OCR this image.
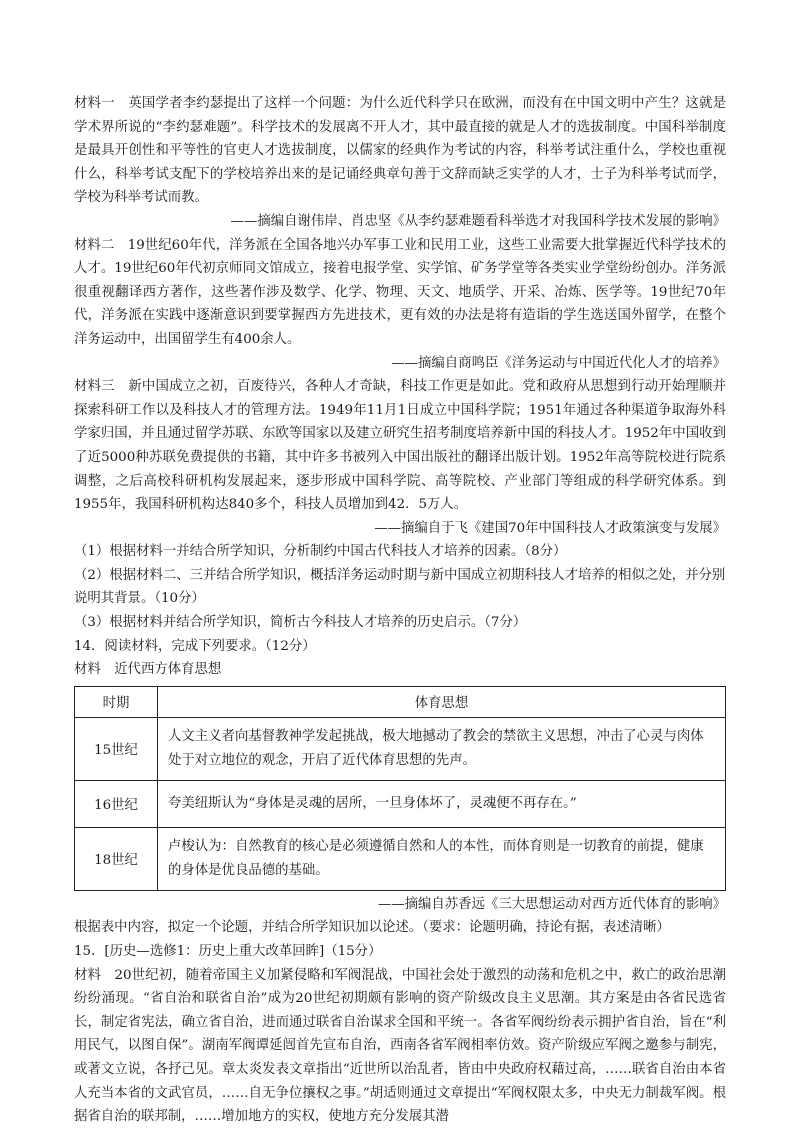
材料一　英国学者李约瑟提出了这样一个问题：为什么近代科学只在欧洲，而没有在中国文明中产生？这就是学术界所说的“李约瑟难题”。科学技术的发展离不开人才，其中最直接的就是人才的选拔制度。中国科举制度是最具开创性和平等性的官吏人才选拔制度，以儒家的经典作为考试的内容，科举考试注重什么，学校也重视什么，科举考试支配下的学校培养出来的是记诵经典章句善于文辞而缺乏实学的人才，士子为科举考试而学，学校为科举考试而教。

——摘编自谢伟岸、肖忠坚《从李约瑟难题看科举选才对我国科学技术发展的影响》

材料二　19世纪60年代，洋务派在全国各地兴办军事工业和民用工业，这些工业需要大批掌握近代科学技术的人才。19世纪60年代初京师同文馆成立，接着电报学堂、实学馆、矿务学堂等各类实业学堂纷纷创办。洋务派很重视翻译西方著作，这些著作涉及数学、化学、物理、天文、地质学、开采、冶炼、医学等。19世纪70年代，洋务派在实践中逐渐意识到要掌握西方先进技术，更有效的办法是将有造诣的学生选送国外留学，在整个洋务运动中，出国留学生有400余人。

——摘编自商鸣臣《洋务运动与中国近代化人才的培养》

材料三　新中国成立之初，百废待兴，各种人才奇缺，科技工作更是如此。党和政府从思想到行动开始理顺并探索科研工作以及科技人才的管理方法。1949年11月1日成立中国科学院；1951年通过各种渠道争取海外科学家归国，并且通过留学苏联、东欧等国家以及建立研究生招考制度培养新中国的科技人才。1952年中国收到了近5000种苏联免费提供的书籍，其中许多书被列入中国出版社的翻译出版计划。1952年高等院校进行院系调整，之后高校科研机构发展起来，逐步形成中国科学院、高等院校、产业部门等组成的科学研究体系。到1955年，我国科研机构达840多个，科技人员增加到42．5万人。

——摘编自于飞《建国70年中国科技人才政策演变与发展》

（1）根据材料一并结合所学知识，分析制约中国古代科技人才培养的因素。（8分）

（2）根据材料二、三并结合所学知识，概括洋务运动时期与新中国成立初期科技人才培养的相似之处，并分别说明其背景。（10分）

（3）根据材料并结合所学知识，简析古今科技人才培养的历史启示。（7分）

14．阅读材料，完成下列要求。（12分）

材料　近代西方体育思想

时期	体育思想
15世纪	人文主义者向基督教神学发起挑战，极大地撼动了教会的禁欲主义思想，冲击了心灵与肉体处于对立地位的观念，开启了近代体育思想的先声。
16世纪	夸美纽斯认为“身体是灵魂的居所，一旦身体坏了，灵魂便不再存在。”
18世纪	卢梭认为：自然教育的核心是必须遵循自然和人的本性，而体育则是一切教育的前提，健康的身体是优良品德的基础。

——摘编自苏香远《三大思想运动对西方近代体育的影响》

根据表中内容，拟定一个论题，并结合所学知识加以论述。（要求：论题明确，持论有据，表述清晰）

15．[历史—选修1：历史上重大改革回眸]（15分）

材料　20世纪初，随着帝国主义加紧侵略和军阀混战，中国社会处于激烈的动荡和危机之中，救亡的政治思潮纷纷涌现。“省自治和联省自治”成为20世纪初期颇有影响的资产阶级改良主义思潮。其方案是由各省民选省长，制定省宪法，确立省自治，进而通过联省自治谋求全国和平统一。各省军阀纷纷表示拥护省自治，旨在“利用民气，以图自保”。湖南军阀谭延闿首先宣布自治，西南各省军阀相率仿效。资产阶级应军阀之邀参与制宪，或著文立说，各抒己见。章太炎发表文章指出“近世所以治乱者，皆由中央政府权藉过高，……联省自治由本省人充当本省的文武官员，……自无争位攘权之事。”胡适则通过文章提出“军阀权限太多，中央无力制裁军阀。根据省自治的联邦制，……增加地方的实权，使地方充分发展其潜
